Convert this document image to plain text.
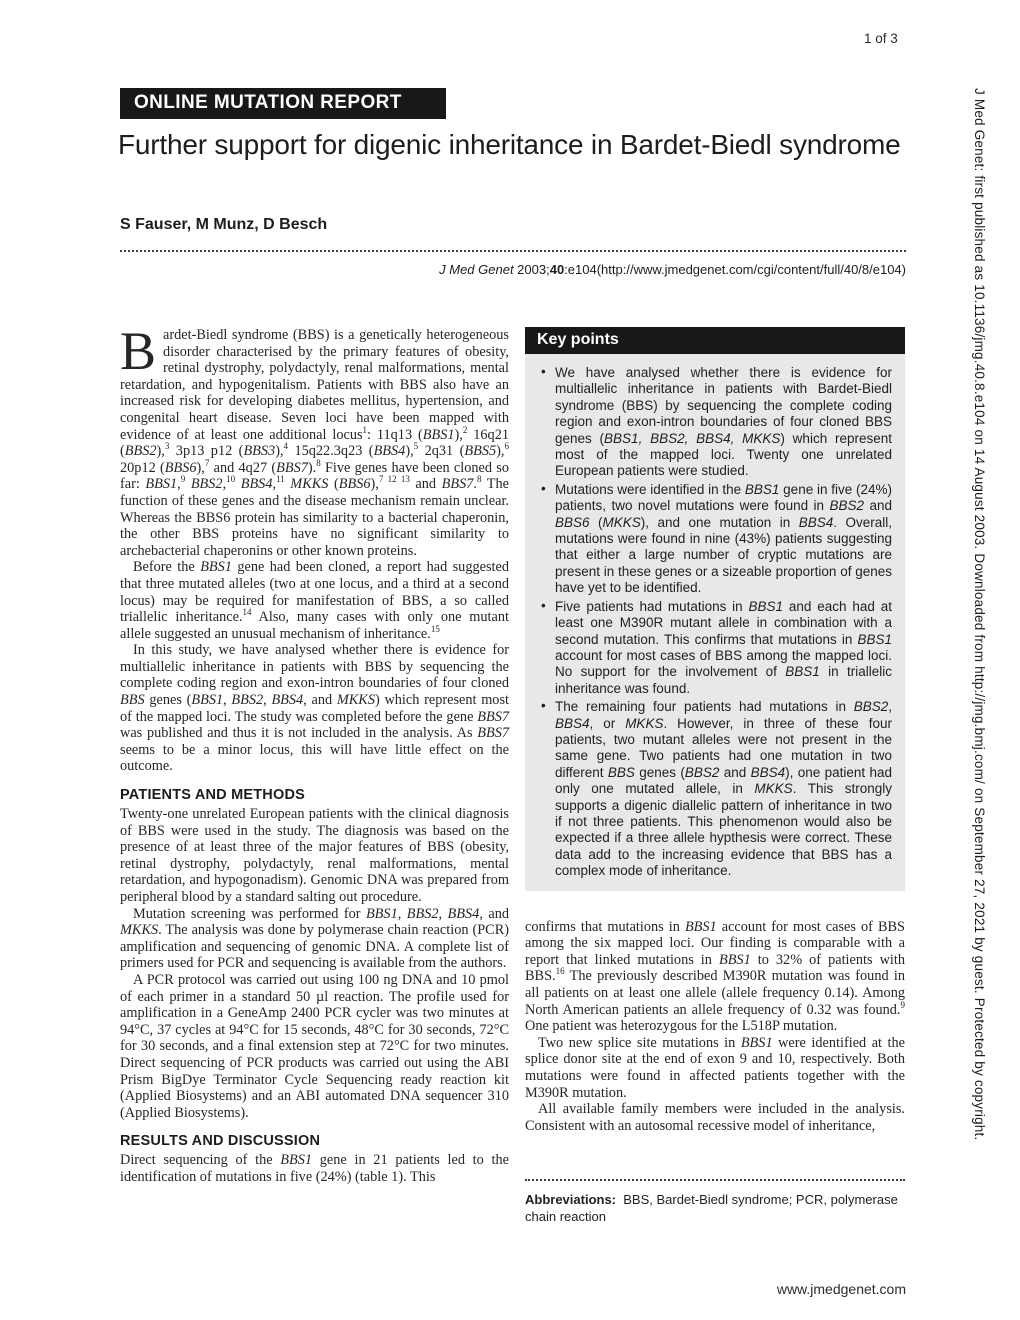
1 of 3
J Med Genet: first published as 10.1136/jmg.40.8.e104 on 14 August 2003. Downloaded from http://jmg.bmj.com/ on September 27, 2021 by guest. Protected by copyright.
ONLINE MUTATION REPORT
Further support for digenic inheritance in Bardet-Biedl syndrome
S Fauser, M Munz, D Besch
J Med Genet 2003;40:e104(http://www.jmedgenet.com/cgi/content/full/40/8/e104)

Bardet-Biedl syndrome (BBS) is a genetically heterogeneous disorder characterised by the primary features of obesity, retinal dystrophy, polydactyly, renal malformations, mental retardation, and hypogenitalism. Patients with BBS also have an increased risk for developing diabetes mellitus, hypertension, and congenital heart disease. Seven loci have been mapped with evidence of at least one additional locus$^1$: 11q13 (BBS1),$^2$ 16q21 (BBS2),$^3$ 3p13 p12 (BBS3),$^4$ 15q22.3q23 (BBS4),$^5$ 2q31 (BBS5),$^6$ 20p12 (BBS6),$^7$ and 4q27 (BBS7).$^8$ Five genes have been cloned so far: BBS1,$^9$ BBS2,10 BBS4,11 MKKS (BBS6),$^{7 12 13}$ and BBS7.$^8$ The function of these genes and the disease mechanism remain unclear. Whereas the BBS6 protein has similarity to a bacterial chaperonin, the other BBS proteins have no significant similarity to archebacterial chaperonins or other known proteins.

Before the BBS1 gene had been cloned, a report had suggested that three mutated alleles (two at one locus, and a third at a second locus) may be required for manifestation of BBS, a so called triallelic inheritance.$^{14}$ Also, many cases with only one mutant allele suggested an unusual mechanism of inheritance.$^{15}$

In this study, we have analysed whether there is evidence for multiallelic inheritance in patients with BBS by sequencing the complete coding region and exon-intron boundaries of four cloned BBS genes (BBS1, BBS2, BBS4, and MKKS) which represent most of the mapped loci. The study was completed before the gene BBS7 was published and thus it is not included in the analysis. As BBS7 seems to be a minor locus, this will have little effect on the outcome.

PATIENTS AND METHODS

Twenty-one unrelated European patients with the clinical diagnosis of BBS were used in the study. The diagnosis was based on the presence of at least three of the major features of BBS (obesity, retinal dystrophy, polydactyly, renal malformations, mental retardation, and hypogonadism). Genomic DNA was prepared from peripheral blood by a standard salting out procedure.

Mutation screening was performed for BBS1, BBS2, BBS4, and MKKS. The analysis was done by polymerase chain reaction (PCR) amplification and sequencing of genomic DNA. A complete list of primers used for PCR and sequencing is available from the authors.

A PCR protocol was carried out using 100 ng DNA and 10 pmol of each primer in a standard 50 µl reaction. The profile used for amplification in a GeneAmp 2400 PCR cycler was two minutes at 94°C, 37 cycles at 94°C for 15 seconds, 48°C for 30 seconds, 72°C for 30 seconds, and a final extension step at 72°C for two minutes. Direct sequencing of PCR products was carried out using the ABI Prism BigDye Terminator Cycle Sequencing ready reaction kit (Applied Biosystems) and an ABI automated DNA sequencer 310 (Applied Biosystems).

RESULTS AND DISCUSSION

Direct sequencing of the BBS1 gene in 21 patients led to the identification of mutations in five (24%) (table 1). This

Key points
• We have analysed whether there is evidence for multiallelic inheritance in patients with Bardet-Biedl syndrome (BBS) by sequencing the complete coding region and exon-intron boundaries of four cloned BBS genes (BBS1, BBS2, BBS4, MKKS) which represent most of the mapped loci. Twenty one unrelated European patients were studied.
• Mutations were identified in the BBS1 gene in five (24%) patients, two novel mutations were found in BBS2 and BBS6 (MKKS), and one mutation in BBS4. Overall, mutations were found in nine (43%) patients suggesting that either a large number of cryptic mutations are present in these genes or a sizeable proportion of genes have yet to be identified.
• Five patients had mutations in BBS1 and each had at least one M390R mutant allele in combination with a second mutation. This confirms that mutations in BBS1 account for most cases of BBS among the mapped loci. No support for the involvement of BBS1 in triallelic inheritance was found.
• The remaining four patients had mutations in BBS2, BBS4, or MKKS. However, in three of these four patients, two mutant alleles were not present in the same gene. Two patients had one mutation in two different BBS genes (BBS2 and BBS4), one patient had only one mutated allele, in MKKS. This strongly supports a digenic diallelic pattern of inheritance in two if not three patients. This phenomenon would also be expected if a three allele hypthesis were correct. These data add to the increasing evidence that BBS has a complex mode of inheritance.

confirms that mutations in BBS1 account for most cases of BBS among the six mapped loci. Our finding is comparable with a report that linked mutations in BBS1 to 32% of patients with BBS.$^{16}$ The previously described M390R mutation was found in all patients on at least one allele (allele frequency 0.14). Among North American patients an allele frequency of 0.32 was found.$^9$ One patient was heterozygous for the L518P mutation.

Two new splice site mutations in BBS1 were identified at the splice donor site at the end of exon 9 and 10, respectively. Both mutations were found in affected patients together with the M390R mutation.

All available family members were included in the analysis. Consistent with an autosomal recessive model of inheritance,

Abbreviations:  BBS, Bardet-Biedl syndrome; PCR, polymerase chain reaction
www.jmedgenet.com
